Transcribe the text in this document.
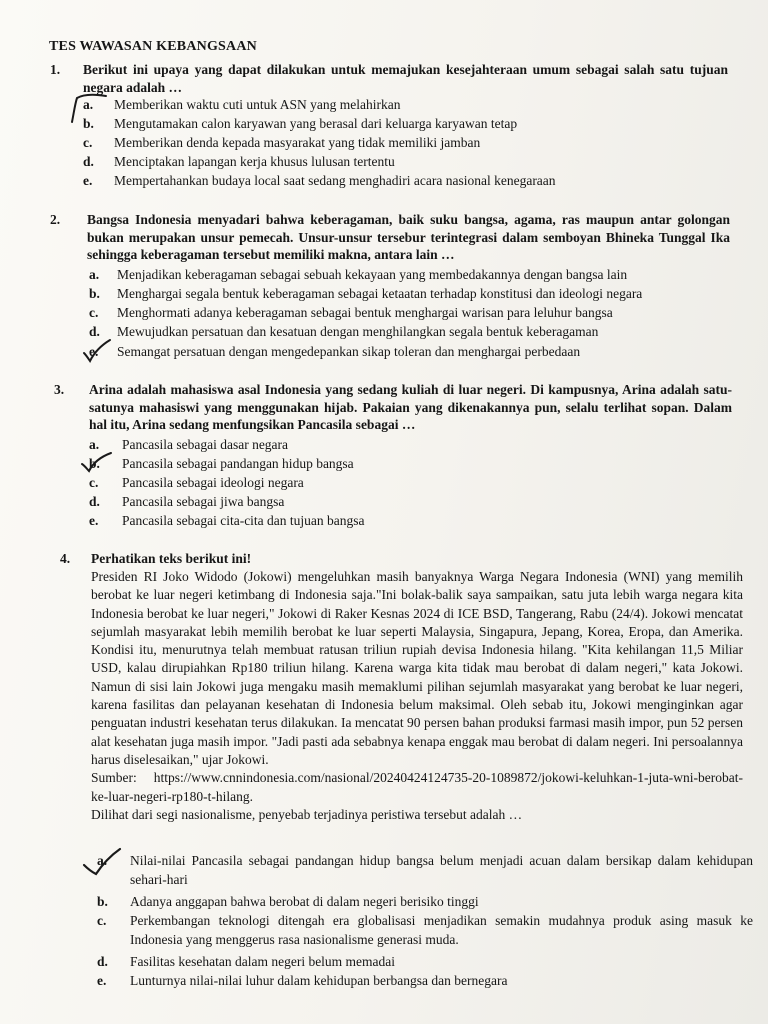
TES WAWASAN KEBANGSAAN
1. Berikut ini upaya yang dapat dilakukan untuk memajukan kesejahteraan umum sebagai salah satu tujuan negara adalah …
a. Memberikan waktu cuti untuk ASN yang melahirkan
b. Mengutamakan calon karyawan yang berasal dari keluarga karyawan tetap
c. Memberikan denda kepada masyarakat yang tidak memiliki jamban
d. Menciptakan lapangan kerja khusus lulusan tertentu
e. Mempertahankan budaya local saat sedang menghadiri acara nasional kenegaraan
2. Bangsa Indonesia menyadari bahwa keberagaman, baik suku bangsa, agama, ras maupun antar golongan bukan merupakan unsur pemecah. Unsur-unsur tersebur terintegrasi dalam semboyan Bhineka Tunggal Ika sehingga keberagaman tersebut memiliki makna, antara lain …
a. Menjadikan keberagaman sebagai sebuah kekayaan yang membedakannya dengan bangsa lain
b. Menghargai segala bentuk keberagaman sebagai ketaatan terhadap konstitusi dan ideologi negara
c. Menghormati adanya keberagaman sebagai bentuk menghargai warisan para leluhur bangsa
d. Mewujudkan persatuan dan kesatuan dengan menghilangkan segala bentuk keberagaman
e. Semangat persatuan dengan mengedepankan sikap toleran dan menghargai perbedaan
3. Arina adalah mahasiswa asal Indonesia yang sedang kuliah di luar negeri. Di kampusnya, Arina adalah satu-satunya mahasiswi yang menggunakan hijab. Pakaian yang dikenakannya pun, selalu terlihat sopan. Dalam hal itu, Arina sedang menfungsikan Pancasila sebagai …
a. Pancasila sebagai dasar negara
b. Pancasila sebagai pandangan hidup bangsa
c. Pancasila sebagai ideologi negara
d. Pancasila sebagai jiwa bangsa
e. Pancasila sebagai cita-cita dan tujuan bangsa
4. Perhatikan teks berikut ini!

Presiden RI Joko Widodo (Jokowi) mengeluhkan masih banyaknya Warga Negara Indonesia (WNI) yang memilih berobat ke luar negeri ketimbang di Indonesia saja."Ini bolak-balik saya sampaikan, satu juta lebih warga negara kita Indonesia berobat ke luar negeri," Jokowi di Raker Kesnas 2024 di ICE BSD, Tangerang, Rabu (24/4). Jokowi mencatat sejumlah masyarakat lebih memilih berobat ke luar seperti Malaysia, Singapura, Jepang, Korea, Eropa, dan Amerika. Kondisi itu, menurutnya telah membuat ratusan triliun rupiah devisa Indonesia hilang. "Kita kehilangan 11,5 Miliar USD, kalau dirupiahkan Rp180 triliun hilang. Karena warga kita tidak mau berobat di dalam negeri," kata Jokowi. Namun di sisi lain Jokowi juga mengaku masih memaklumi pilihan sejumlah masyarakat yang berobat ke luar negeri, karena fasilitas dan pelayanan kesehatan di Indonesia belum maksimal. Oleh sebab itu, Jokowi menginginkan agar penguatan industri kesehatan terus dilakukan. Ia mencatat 90 persen bahan produksi farmasi masih impor, pun 52 persen alat kesehatan juga masih impor. "Jadi pasti ada sebabnya kenapa enggak mau berobat di dalam negeri. Ini persoalannya harus diselesaikan," ujar Jokowi.

Sumber: https://www.cnnindonesia.com/nasional/20240424124735-20-1089872/jokowi-keluhkan-1-juta-wni-berobat-ke-luar-negeri-rp180-t-hilang.

Dilihat dari segi nasionalisme, penyebab terjadinya peristiwa tersebut adalah …

a. Nilai-nilai Pancasila sebagai pandangan hidup bangsa belum menjadi acuan dalam bersikap dalam kehidupan sehari-hari
b. Adanya anggapan bahwa berobat di dalam negeri berisiko tinggi
c. Perkembangan teknologi ditengah era globalisasi menjadikan semakin mudahnya produk asing masuk ke Indonesia yang menggerus rasa nasionalisme generasi muda.
d. Fasilitas kesehatan dalam negeri belum memadai
e. Lunturnya nilai-nilai luhur dalam kehidupan berbangsa dan bernegara
